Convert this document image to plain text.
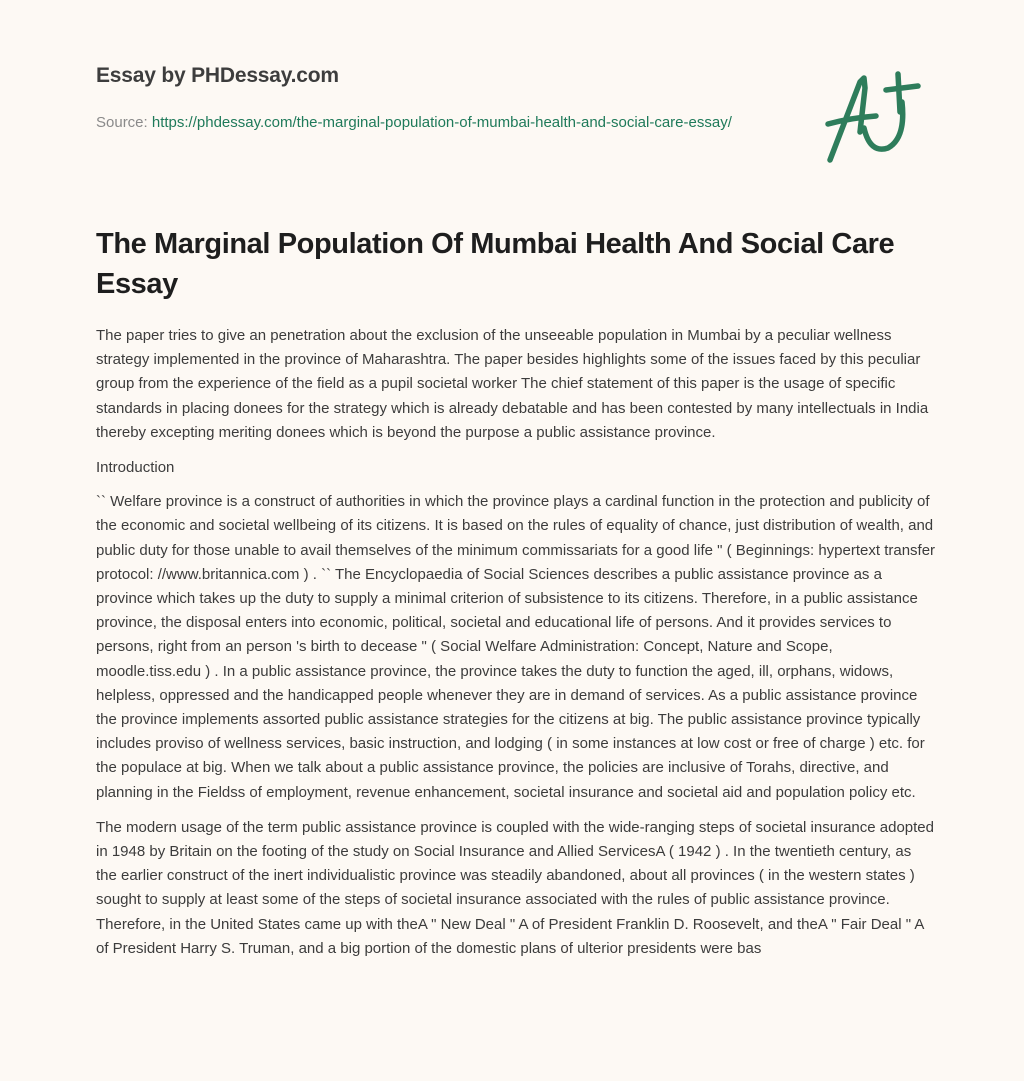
Essay by PHDessay.com
Source: https://phdessay.com/the-marginal-population-of-mumbai-health-and-social-care-essay/
The Marginal Population Of Mumbai Health And Social Care Essay

The paper tries to give an penetration about the exclusion of the unseeable population in Mumbai by a peculiar wellness strategy implemented in the province of Maharashtra. The paper besides highlights some of the issues faced by this peculiar group from the experience of the field as a pupil societal worker The chief statement of this paper is the usage of specific standards in placing donees for the strategy which is already debatable and has been contested by many intellectuals in India thereby excepting meriting donees which is beyond the purpose a public assistance province.

Introduction

`` Welfare province is a construct of authorities in which the province plays a cardinal function in the protection and publicity of the economic and societal wellbeing of its citizens. It is based on the rules of equality of chance, just distribution of wealth, and public duty for those unable to avail themselves of the minimum commissariats for a good life " ( Beginnings: hypertext transfer protocol: //www.britannica.com ) . `` The Encyclopaedia of Social Sciences describes a public assistance province as a province which takes up the duty to supply a minimal criterion of subsistence to its citizens. Therefore, in a public assistance province, the disposal enters into economic, political, societal and educational life of persons. And it provides services to persons, right from an person 's birth to decease " ( Social Welfare Administration: Concept, Nature and Scope, moodle.tiss.edu ) . In a public assistance province, the province takes the duty to function the aged, ill, orphans, widows, helpless, oppressed and the handicapped people whenever they are in demand of services. As a public assistance province the province implements assorted public assistance strategies for the citizens at big. The public assistance province typically includes proviso of wellness services, basic instruction, and lodging ( in some instances at low cost or free of charge ) etc. for the populace at big. When we talk about a public assistance province, the policies are inclusive of Torahs, directive, and planning in the Fieldss of employment, revenue enhancement, societal insurance and societal aid and population policy etc.

The modern usage of the term public assistance province is coupled with the wide-ranging steps of societal insurance adopted in 1948 by Britain on the footing of the study on Social Insurance and Allied ServicesA ( 1942 ) . In the twentieth century, as the earlier construct of the inert individualistic province was steadily abandoned, about all provinces ( in the western states ) sought to supply at least some of the steps of societal insurance associated with the rules of public assistance province. Therefore, in the United States came up with theA " New Deal " A of President Franklin D. Roosevelt, and theA " Fair Deal " A of President Harry S. Truman, and a big portion of the domestic plans of ulterior presidents were bas
